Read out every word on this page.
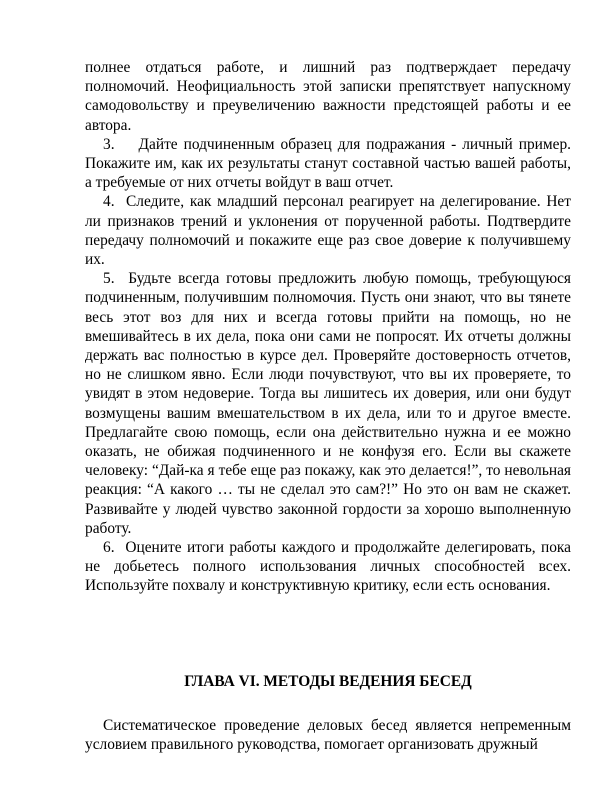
полнее отдаться работе, и лишний раз подтверждает передачу полномочий. Неофициальность этой записки препятствует напускному самодовольству и преувеличению важности предстоящей работы и ее автора.

3. Дайте подчиненным образец для подражания - личный пример. Покажите им, как их результаты станут составной частью вашей работы, а требуемые от них отчеты войдут в ваш отчет.

4. Следите, как младший персонал реагирует на делегирование. Нет ли признаков трений и уклонения от порученной работы. Подтвердите передачу полномочий и покажите еще раз свое доверие к получившему их.

5. Будьте всегда готовы предложить любую помощь, требующуюся подчиненным, получившим полномочия. Пусть они знают, что вы тянете весь этот воз для них и всегда готовы прийти на помощь, но не вмешивайтесь в их дела, пока они сами не попросят. Их отчеты должны держать вас полностью в курсе дел. Проверяйте достоверность отчетов, но не слишком явно. Если люди почувствуют, что вы их проверяете, то увидят в этом недоверие. Тогда вы лишитесь их доверия, или они будут возмущены вашим вмешательством в их дела, или то и другое вместе. Предлагайте свою помощь, если она действительно нужна и ее можно оказать, не обижая подчиненного и не конфузя его. Если вы скажете человеку: “Дай-ка я тебе еще раз покажу, как это делается!”, то невольная реакция: “А какого … ты не сделал это сам?!” Но это он вам не скажет. Развивайте у людей чувство законной гордости за хорошо выполненную работу.

6. Оцените итоги работы каждого и продолжайте делегировать, пока не добьетесь полного использования личных способностей всех. Используйте похвалу и конструктивную критику, если есть основания.

ГЛАВА VI. МЕТОДЫ ВЕДЕНИЯ БЕСЕД

Систематическое проведение деловых бесед является непременным условием правильного руководства, помогает организовать дружный
